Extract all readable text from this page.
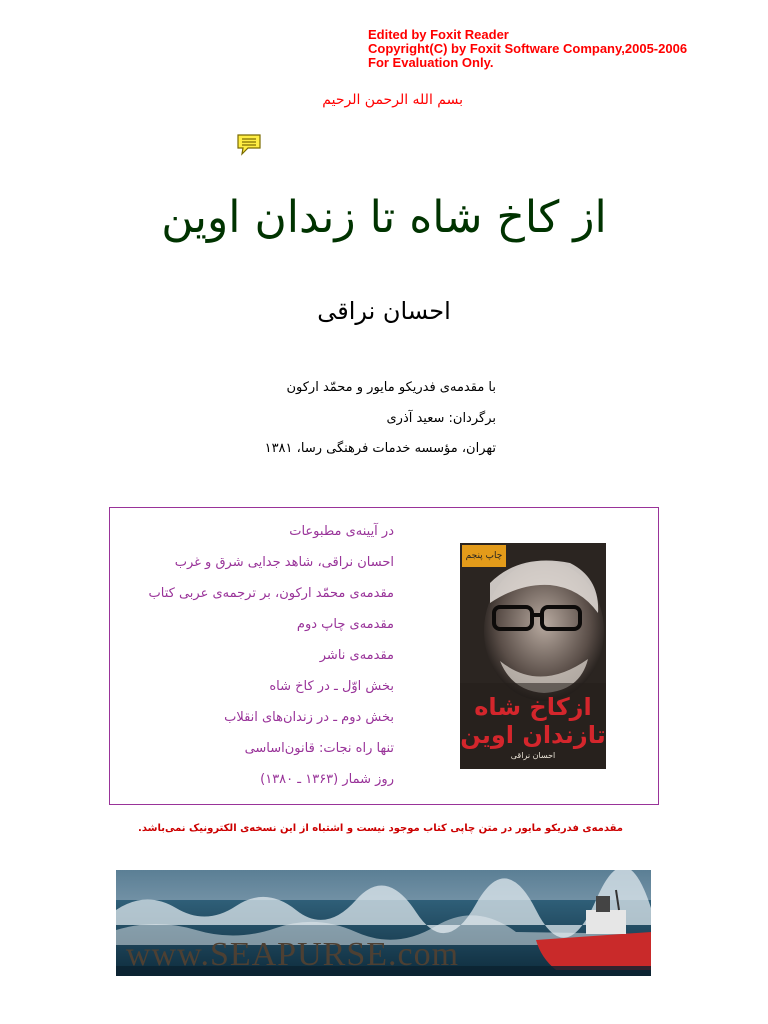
Edited by Foxit Reader
Copyright(C) by Foxit Software Company,2005-2006
For Evaluation Only.
بسم الله الرحمن الرحیم
از کاخ شاه تا زندان اوین
احسان نراقی
با مقدمه‌ی فدریکو مایور و محمّد ارکون
برگردان: سعید آذری
تهران، مؤسسه خدمات فرهنگی رسا، ۱۳۸۱
در آیینه‌ی مطبوعات
احسان نراقی، شاهد جدایی شرق و غرب
مقدمه‌ی محمّد ارکون، بر ترجمه‌ی عربی کتاب
مقدمه‌ی چاپ دوم
مقدمه‌ی ناشر
بخش اوّل ـ در کاخ شاه
بخش دوم ـ در زندان‌های انقلاب
تنها راه نجات: قانون‌اساسی
روز شمار (۱۳۶۳ ـ ۱۳۸۰)
چاپ پنجم
ازکاخ شاه
تازندان اوین
احسان نراقی
مقدمه‌ی فدریکو مایور در متن چاپی کتاب موجود نیست و اشتباه از این نسخه‌ی الکترونیک نمی‌باشد.
www.SEAPURSE.com
